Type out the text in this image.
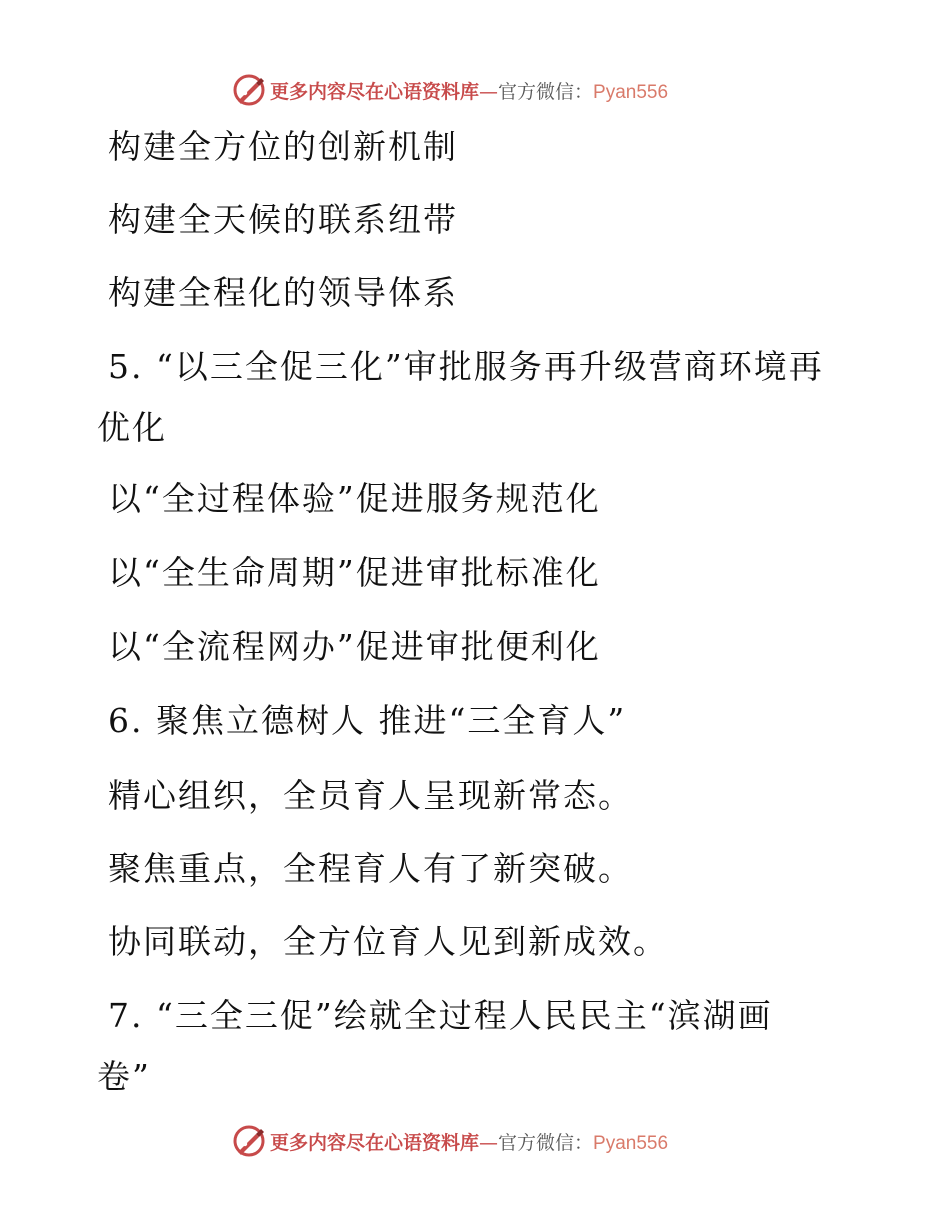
更多内容尽在心语资料库—官方微信：Pyan556
构建全方位的创新机制
构建全天候的联系纽带
构建全程化的领导体系
5. “以三全促三化”审批服务再升级营商环境再
优化
以“全过程体验”促进服务规范化
以“全生命周期”促进审批标准化
以“全流程网办”促进审批便利化
6. 聚焦立德树人 推进“三全育人”
精心组织，全员育人呈现新常态。
聚焦重点，全程育人有了新突破。
协同联动，全方位育人见到新成效。
7. “三全三促”绘就全过程人民民主“滨湖画
卷”
更多内容尽在心语资料库—官方微信：Pyan556
